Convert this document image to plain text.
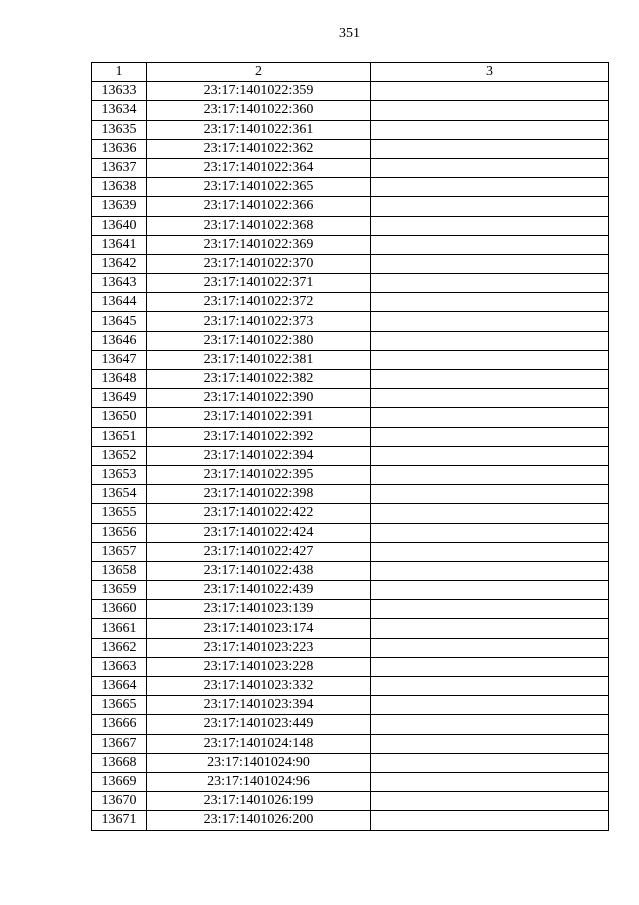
351
1	2	3
13633	23:17:1401022:359	
13634	23:17:1401022:360	
13635	23:17:1401022:361	
13636	23:17:1401022:362	
13637	23:17:1401022:364	
13638	23:17:1401022:365	
13639	23:17:1401022:366	
13640	23:17:1401022:368	
13641	23:17:1401022:369	
13642	23:17:1401022:370	
13643	23:17:1401022:371	
13644	23:17:1401022:372	
13645	23:17:1401022:373	
13646	23:17:1401022:380	
13647	23:17:1401022:381	
13648	23:17:1401022:382	
13649	23:17:1401022:390	
13650	23:17:1401022:391	
13651	23:17:1401022:392	
13652	23:17:1401022:394	
13653	23:17:1401022:395	
13654	23:17:1401022:398	
13655	23:17:1401022:422	
13656	23:17:1401022:424	
13657	23:17:1401022:427	
13658	23:17:1401022:438	
13659	23:17:1401022:439	
13660	23:17:1401023:139	
13661	23:17:1401023:174	
13662	23:17:1401023:223	
13663	23:17:1401023:228	
13664	23:17:1401023:332	
13665	23:17:1401023:394	
13666	23:17:1401023:449	
13667	23:17:1401024:148	
13668	23:17:1401024:90	
13669	23:17:1401024:96	
13670	23:17:1401026:199	
13671	23:17:1401026:200	
